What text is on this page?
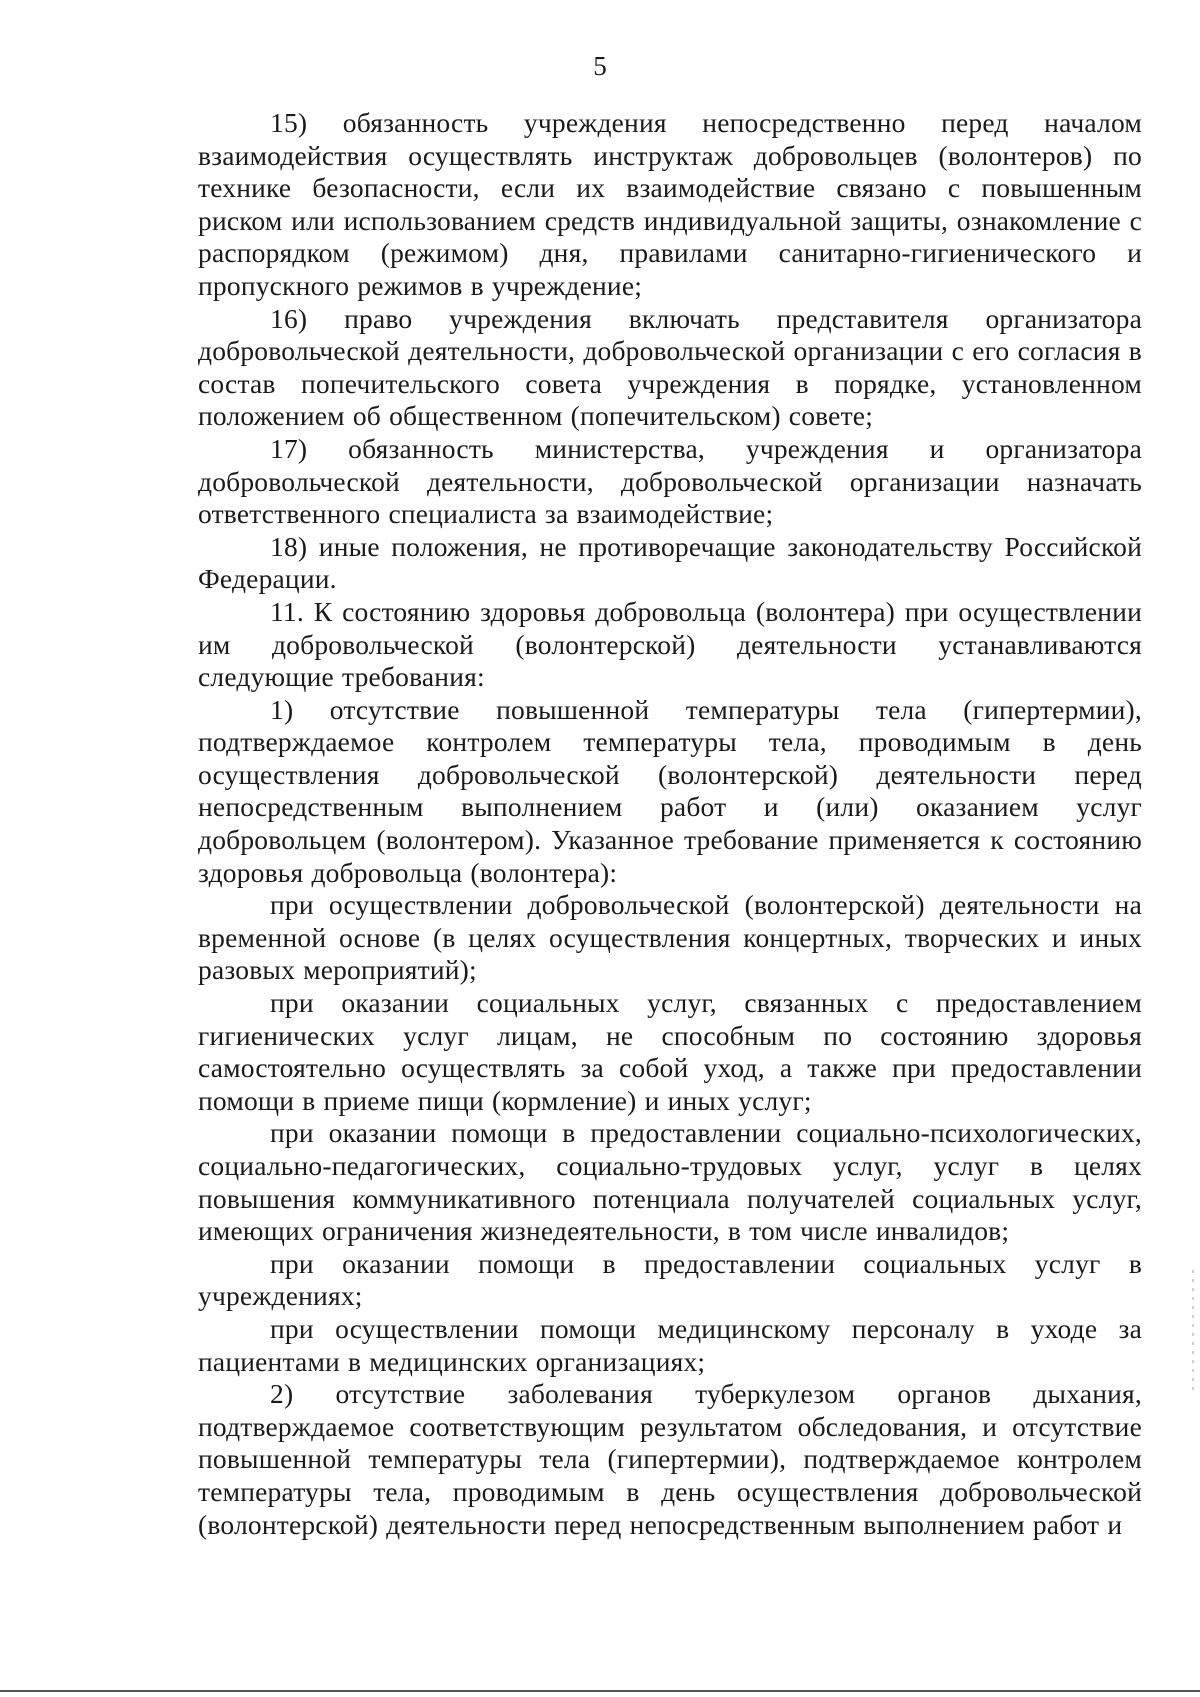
5

15) обязанность учреждения непосредственно перед началом взаимодействия осуществлять инструктаж добровольцев (волонтеров) по технике безопасности, если их взаимодействие связано с повышенным риском или использованием средств индивидуальной защиты, ознакомление с распорядком (режимом) дня, правилами санитарно-гигиенического и пропускного режимов в учреждение;

16) право учреждения включать представителя организатора добровольческой деятельности, добровольческой организации с его согласия в состав попечительского совета учреждения в порядке, установленном положением об общественном (попечительском) совете;

17) обязанность министерства, учреждения и организатора добровольческой деятельности, добровольческой организации назначать ответственного специалиста за взаимодействие;

18) иные положения, не противоречащие законодательству Российской Федерации.

11. К состоянию здоровья добровольца (волонтера) при осуществлении им добровольческой (волонтерской) деятельности устанавливаются следующие требования:

1) отсутствие повышенной температуры тела (гипертермии), подтверждаемое контролем температуры тела, проводимым в день осуществления добровольческой (волонтерской) деятельности перед непосредственным выполнением работ и (или) оказанием услуг добровольцем (волонтером). Указанное требование применяется к состоянию здоровья добровольца (волонтера):

при осуществлении добровольческой (волонтерской) деятельности на временной основе (в целях осуществления концертных, творческих и иных разовых мероприятий);

при оказании социальных услуг, связанных с предоставлением гигиенических услуг лицам, не способным по состоянию здоровья самостоятельно осуществлять за собой уход, а также при предоставлении помощи в приеме пищи (кормление) и иных услуг;

при оказании помощи в предоставлении социально-психологических, социально-педагогических, социально-трудовых услуг, услуг в целях повышения коммуникативного потенциала получателей социальных услуг, имеющих ограничения жизнедеятельности, в том числе инвалидов;

при оказании помощи в предоставлении социальных услуг в учреждениях;

при осуществлении помощи медицинскому персоналу в уходе за пациентами в медицинских организациях;

2) отсутствие заболевания туберкулезом органов дыхания, подтверждаемое соответствующим результатом обследования, и отсутствие повышенной температуры тела (гипертермии), подтверждаемое контролем температуры тела, проводимым в день осуществления добровольческой (волонтерской) деятельности перед непосредственным выполнением работ и
